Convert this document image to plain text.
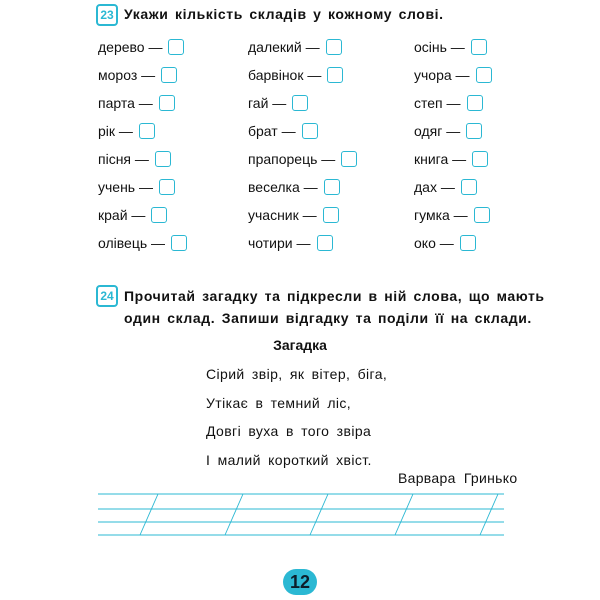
23 Укажи кількість складів у кожному слові.
дерево —
мороз —
парта —
рік —
пісня —
учень —
край —
олівець —
далекий —
барвінок —
гай —
брат —
прапорець —
веселка —
учасник —
чотири —
осінь —
учора —
степ —
одяг —
книга —
дах —
гумка —
око —
24 Прочитай загадку та підкресли в ній слова, що мають
один склад. Запиши відгадку та поділи її на склади.
Загадка
Сірий звір, як вітер, біга,
Утікає в темний ліс,
Довгі вуха в того звіра
І малий короткий хвіст.
Варвара Гринько
12
